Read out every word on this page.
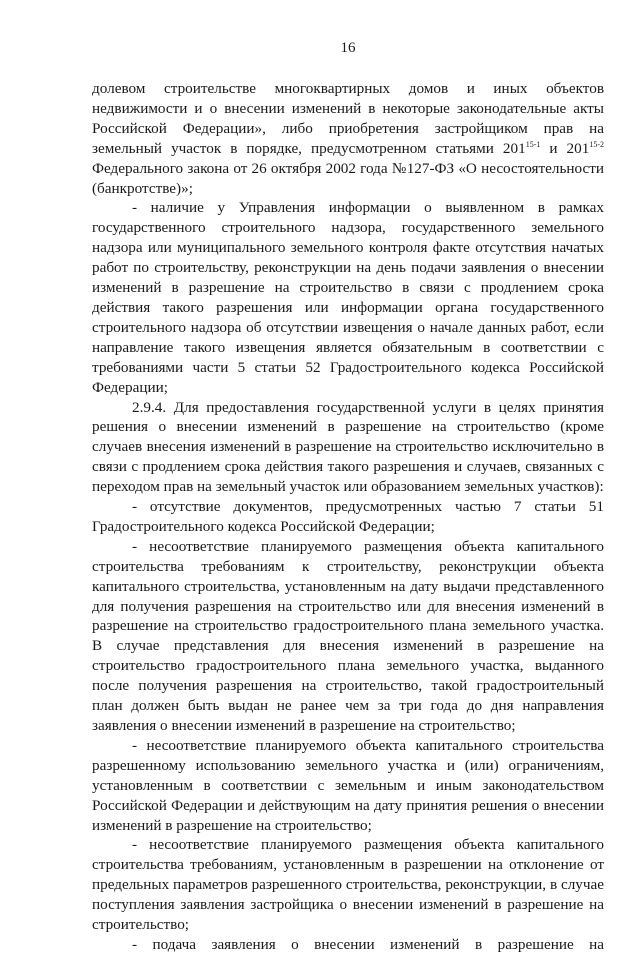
16

долевом строительстве многоквартирных домов и иных объектов недвижимости и о внесении изменений в некоторые законодательные акты Российской Федерации», либо приобретения застройщиком прав на земельный участок в порядке, предусмотренном статьями 201$^{15-1}$ и 201$^{15-2}$ Федерального закона от 26 октября 2002 года №127-ФЗ «О несостоятельности (банкротстве)»;

- наличие у Управления информации о выявленном в рамках государственного строительного надзора, государственного земельного надзора или муниципального земельного контроля факте отсутствия начатых работ по строительству, реконструкции на день подачи заявления о внесении изменений в разрешение на строительство в связи с продлением срока действия такого разрешения или информации органа государственного строительного надзора об отсутствии извещения о начале данных работ, если направление такого извещения является обязательным в соответствии с требованиями части 5 статьи 52 Градостроительного кодекса Российской Федерации;

2.9.4. Для предоставления государственной услуги в целях принятия решения о внесении изменений в разрешение на строительство (кроме случаев внесения изменений в разрешение на строительство исключительно в связи с продлением срока действия такого разрешения и случаев, связанных с переходом прав на земельный участок или образованием земельных участков):

- отсутствие документов, предусмотренных частью 7 статьи 51 Градостроительного кодекса Российской Федерации;

- несоответствие планируемого размещения объекта капитального строительства требованиям к строительству, реконструкции объекта капитального строительства, установленным на дату выдачи представленного для получения разрешения на строительство или для внесения изменений в разрешение на строительство градостроительного плана земельного участка. В случае представления для внесения изменений в разрешение на строительство градостроительного плана земельного участка, выданного после получения разрешения на строительство, такой градостроительный план должен быть выдан не ранее чем за три года до дня направления заявления о внесении изменений в разрешение на строительство;

- несоответствие планируемого объекта капитального строительства разрешенному использованию земельного участка и (или) ограничениям, установленным в соответствии с земельным и иным законодательством Российской Федерации и действующим на дату принятия решения о внесении изменений в разрешение на строительство;

- несоответствие планируемого размещения объекта капитального строительства требованиям, установленным в разрешении на отклонение от предельных параметров разрешенного строительства, реконструкции, в случае поступления заявления застройщика о внесении изменений в разрешение на строительство;

- подача заявления о внесении изменений в разрешение на
